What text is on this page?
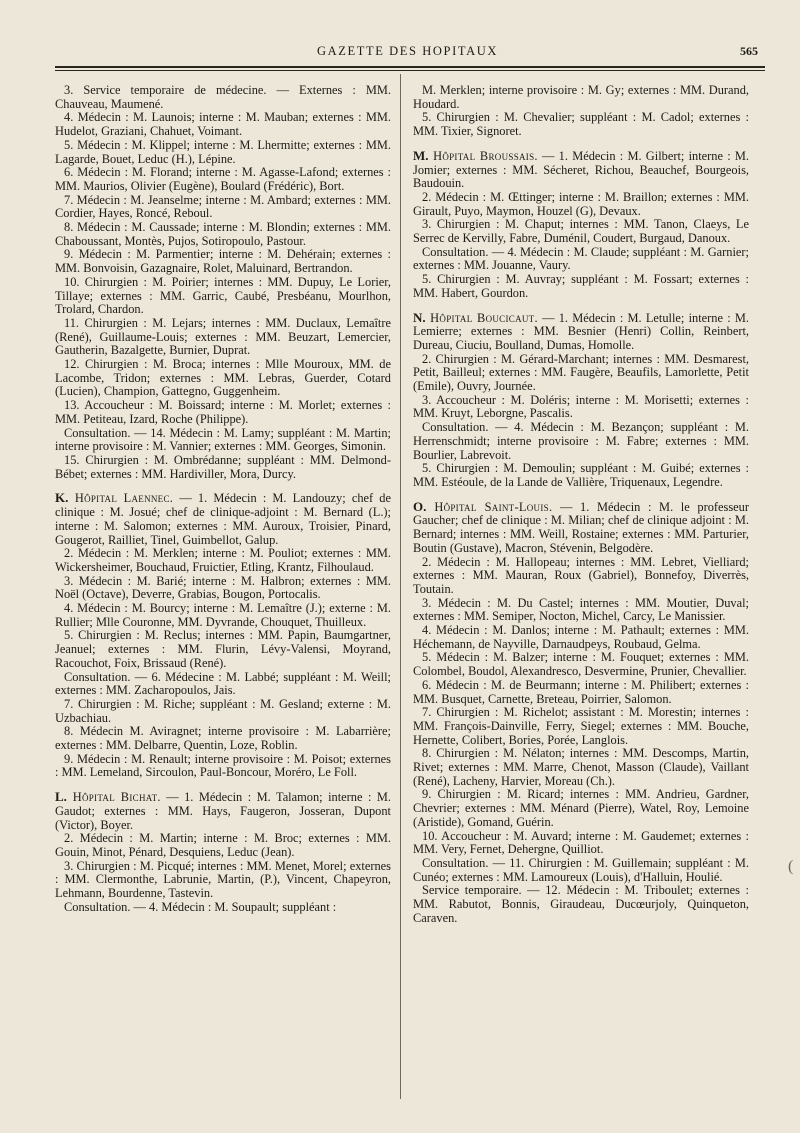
GAZETTE DES HOPITAUX	565

3. Service temporaire de médecine. — Externes : MM. Chauveau, Maumené.

4. Médecin : M. Launois; interne : M. Mauban; externes : MM. Hudelot, Graziani, Chahuet, Voimant.

5. Médecin : M. Klippel; interne : M. Lhermitte; externes : MM. Lagarde, Bouet, Leduc (H.), Lépine.

6. Médecin : M. Florand; interne : M. Agasse-Lafond; externes : MM. Maurios, Olivier (Eugène), Boulard (Frédéric), Bort.

7. Médecin : M. Jeanselme; interne : M. Ambard; externes : MM. Cordier, Hayes, Roncé, Reboul.

8. Médecin : M. Caussade; interne : M. Blondin; externes : MM. Chaboussant, Montès, Pujos, Sotiropoulo, Pastour.

9. Médecin : M. Parmentier; interne : M. Dehérain; externes : MM. Bonvoisin, Gazagnaire, Rolet, Maluinard, Bertrandon.

10. Chirurgien : M. Poirier; internes : MM. Dupuy, Le Lorier, Tillaye; externes : MM. Garric, Caubé, Presbéanu, Mourlhon, Trolard, Chardon.

11. Chirurgien : M. Lejars; internes : MM. Duclaux, Lemaître (René), Guillaume-Louis; externes : MM. Beuzart, Lemercier, Gautherin, Bazalgette, Burnier, Duprat.

12. Chirurgien : M. Broca; internes : Mlle Mouroux, MM. de Lacombe, Tridon; externes : MM. Lebras, Guerder, Cotard (Lucien), Champion, Gattegno, Guggenheim.

13. Accoucheur : M. Boissard; interne : M. Morlet; externes : MM. Petiteau, Izard, Roche (Philippe).

Consultation. — 14. Médecin : M. Lamy; suppléant : M. Martin; interne provisoire : M. Vannier; externes : MM. Georges, Simonin.

15. Chirurgien : M. Ombrédanne; suppléant : MM. Delmond-Bébet; externes : MM. Hardiviller, Mora, Durcy.

K. Hôpital Laennec. — 1. Médecin : M. Landouzy; chef de clinique : M. Josué; chef de clinique-adjoint : M. Bernard (L.); interne : M. Salomon; externes : MM. Auroux, Troisier, Pinard, Gougerot, Railliet, Tinel, Guimbellot, Galup.

2. Médecin : M. Merklen; interne : M. Pouliot; externes : MM. Wickersheimer, Bouchaud, Fruictier, Etling, Krantz, Filhoulaud.

3. Médecin : M. Barié; interne : M. Halbron; externes : MM. Noël (Octave), Deverre, Grabias, Bougon, Portocalis.

4. Médecin : M. Bourcy; interne : M. Lemaître (J.); externe : M. Rullier; Mlle Couronne, MM. Dyvrande, Chouquet, Thuilleux.

5. Chirurgien : M. Reclus; internes : MM. Papin, Baumgartner, Jeanuel; externes : MM. Flurin, Lévy-Valensi, Moyrand, Racouchot, Foix, Brissaud (René).

Consultation. — 6. Médecine : M. Labbé; suppléant : M. Weill; externes : MM. Zacharopoulos, Jais.

7. Chirurgien : M. Riche; suppléant : M. Gesland; externe : M. Uzbachiau.

8. Médecin M. Aviragnet; interne provisoire : M. Labarrière; externes : MM. Delbarre, Quentin, Loze, Roblin.

9. Médecin : M. Renault; interne provisoire : M. Poisot; externes : MM. Lemeland, Sircoulon, Paul-Boncour, Moréro, Le Foll.

L. Hôpital Bichat. — 1. Médecin : M. Talamon; interne : M. Gaudot; externes : MM. Hays, Faugeron, Josseran, Dupont (Victor), Boyer.

2. Médecin : M. Martin; interne : M. Broc; externes : MM. Gouin, Minot, Pénard, Desquiens, Leduc (Jean).

3. Chirurgien : M. Picqué; internes : MM. Menet, Morel; externes : MM. Clermonthe, Labrunie, Martin, (P.), Vincent, Chapeyron, Lehmann, Bourdenne, Tastevin.

Consultation. — 4. Médecin : M. Soupault; suppléant :

M. Merklen; interne provisoire : M. Gy; externes : MM. Durand, Houdard.

5. Chirurgien : M. Chevalier; suppléant : M. Cadol; externes : MM. Tixier, Signoret.

M. Hôpital Broussais. — 1. Médecin : M. Gilbert; interne : M. Jomier; externes : MM. Sécheret, Richou, Beauchef, Bourgeois, Baudouin.

2. Médecin : M. Œttinger; interne : M. Braillon; externes : MM. Girault, Puyo, Maymon, Houzel (G), Devaux.

3. Chirurgien : M. Chaput; internes : MM. Tanon, Claeys, Le Serrec de Kervilly, Fabre, Duménil, Coudert, Burgaud, Danoux.

Consultation. — 4. Médecin : M. Claude; suppléant : M. Garnier; externes : MM. Jouanne, Vaury.

5. Chirurgien : M. Auvray; suppléant : M. Fossart; externes : MM. Habert, Gourdon.

N. Hôpital Boucicaut. — 1. Médecin : M. Letulle; interne : M. Lemierre; externes : MM. Besnier (Henri) Collin, Reinbert, Dureau, Ciuciu, Boulland, Dumas, Homolle.

2. Chirurgien : M. Gérard-Marchant; internes : MM. Desmarest, Petit, Bailleul; externes : MM. Faugère, Beaufils, Lamorlette, Petit (Emile), Ouvry, Journée.

3. Accoucheur : M. Doléris; interne : M. Morisetti; externes : MM. Kruyt, Leborgne, Pascalis.

Consultation. — 4. Médecin : M. Bezançon; suppléant : M. Herrenschmidt; interne provisoire : M. Fabre; externes : MM. Bourlier, Labrevoit.

5. Chirurgien : M. Demoulin; suppléant : M. Guibé; externes : MM. Estéoule, de la Lande de Vallière, Triquenaux, Legendre.

O. Hôpital Saint-Louis. — 1. Médecin : M. le professeur Gaucher; chef de clinique : M. Milian; chef de clinique adjoint : M. Bernard; internes : MM. Weill, Rostaine; externes : MM. Parturier, Boutin (Gustave), Macron, Stévenin, Belgodère.

2. Médecin : M. Hallopeau; internes : MM. Lebret, Vielliard; externes : MM. Mauran, Roux (Gabriel), Bonnefoy, Diverrès, Toutain.

3. Médecin : M. Du Castel; internes : MM. Moutier, Duval; externes : MM. Semiper, Nocton, Michel, Carcy, Le Manissier.

4. Médecin : M. Danlos; interne : M. Pathault; externes : MM. Héchemann, de Nayville, Darnaudpeys, Roubaud, Gelma.

5. Médecin : M. Balzer; interne : M. Fouquet; externes : MM. Colombel, Boudol, Alexandresco, Desvermine, Prunier, Chevallier.

6. Médecin : M. de Beurmann; interne : M. Philibert; externes : MM. Busquet, Carnette, Breteau, Poirrier, Salomon.

7. Chirurgien : M. Richelot; assistant : M. Morestin; internes : MM. François-Dainville, Ferry, Siegel; externes : MM. Bouche, Hernette, Colibert, Bories, Porée, Langlois.

8. Chirurgien : M. Nélaton; internes : MM. Descomps, Martin, Rivet; externes : MM. Marre, Chenot, Masson (Claude), Vaillant (René), Lacheny, Harvier, Moreau (Ch.).

9. Chirurgien : M. Ricard; internes : MM. Andrieu, Gardner, Chevrier; externes : MM. Ménard (Pierre), Watel, Roy, Lemoine (Aristide), Gomand, Guérin.

10. Accoucheur : M. Auvard; interne : M. Gaudemet; externes : MM. Very, Fernet, Dehergne, Quilliot.

Consultation. — 11. Chirurgien : M. Guillemain; suppléant : M. Cunéo; externes : MM. Lamoureux (Louis), d'Halluin, Houlié.

Service temporaire. — 12. Médecin : M. Triboulet; externes : MM. Rabutot, Bonnis, Giraudeau, Ducœurjoly, Quinqueton, Caraven.

(
